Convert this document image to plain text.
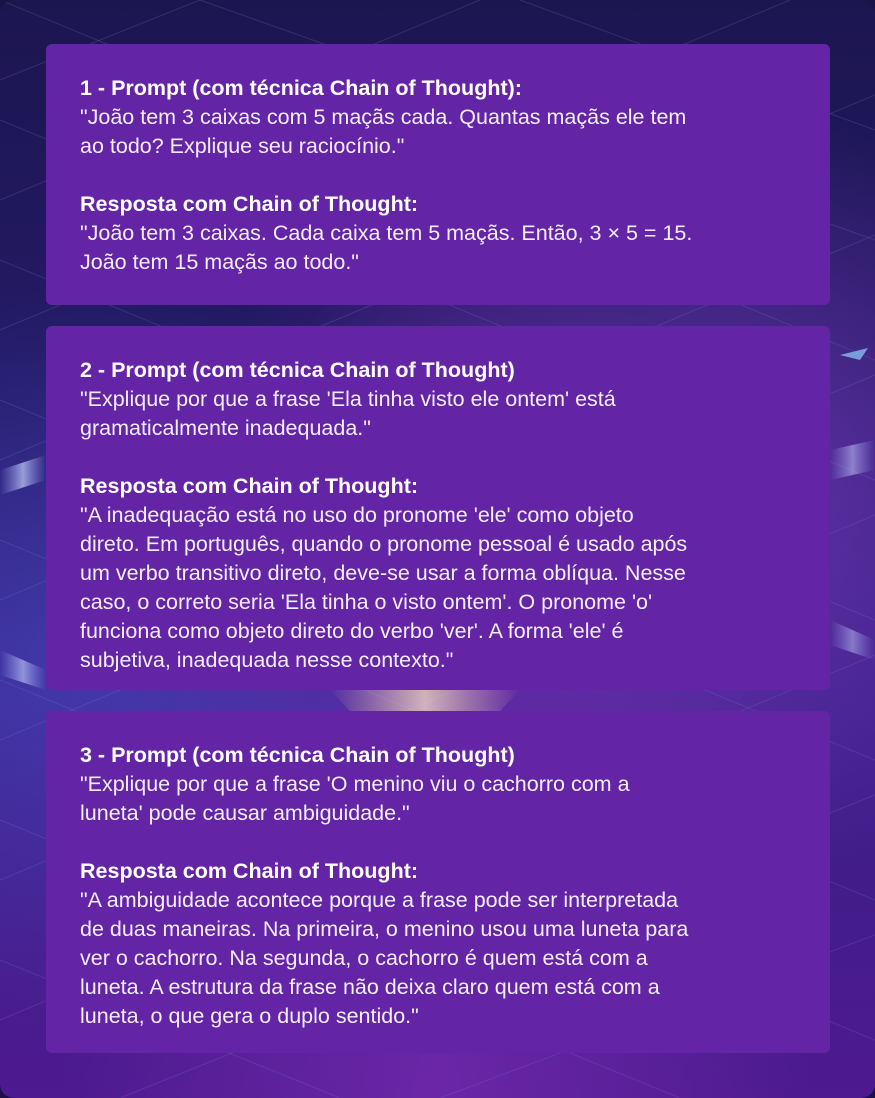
1 - Prompt (com técnica Chain of Thought):
"João tem 3 caixas com 5 maçãs cada. Quantas maçãs ele tem
ao todo? Explique seu raciocínio."
Resposta com Chain of Thought:
"João tem 3 caixas. Cada caixa tem 5 maçãs. Então, 3 × 5 = 15.
João tem 15 maçãs ao todo."
2 - Prompt (com técnica Chain of Thought)
"Explique por que a frase 'Ela tinha visto ele ontem' está
gramaticalmente inadequada."
Resposta com Chain of Thought:
"A inadequação está no uso do pronome 'ele' como objeto
direto. Em português, quando o pronome pessoal é usado após
um verbo transitivo direto, deve-se usar a forma oblíqua. Nesse
caso, o correto seria 'Ela tinha o visto ontem'. O pronome 'o'
funciona como objeto direto do verbo 'ver'. A forma 'ele' é
subjetiva, inadequada nesse contexto."
3 - Prompt (com técnica Chain of Thought)
"Explique por que a frase 'O menino viu o cachorro com a
luneta' pode causar ambiguidade."
Resposta com Chain of Thought:
"A ambiguidade acontece porque a frase pode ser interpretada
de duas maneiras. Na primeira, o menino usou uma luneta para
ver o cachorro. Na segunda, o cachorro é quem está com a
luneta. A estrutura da frase não deixa claro quem está com a
luneta, o que gera o duplo sentido."
